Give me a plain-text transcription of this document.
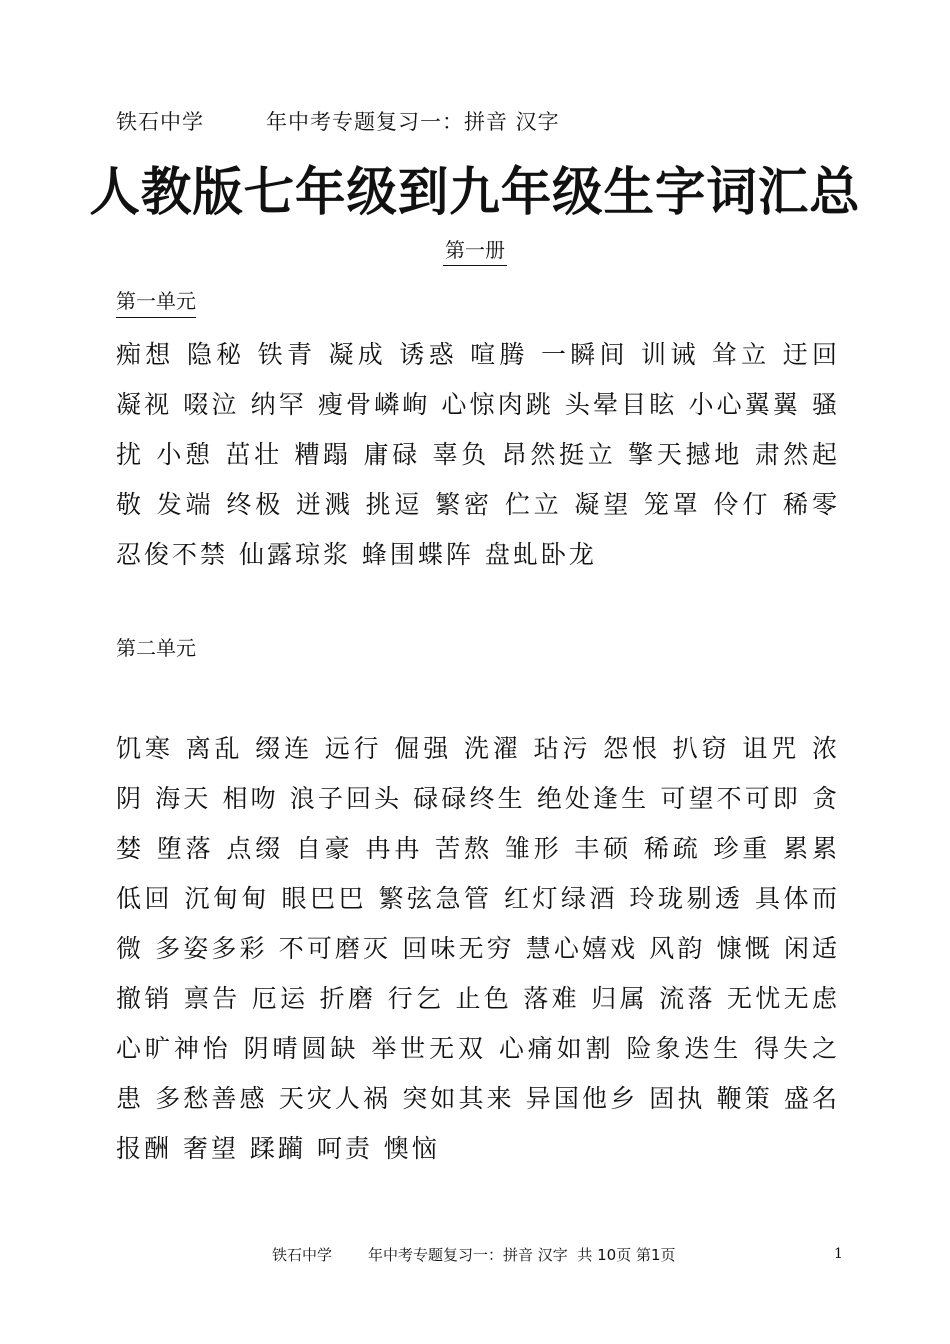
铁石中学	年中考专题复习一：拼音 汉字
人教版七年级到九年级生字词汇总
第一册
第一单元
痴想 隐秘 铁青 凝成 诱惑 喧腾 一瞬间 训诫 耸立 迂回 凝视 啜泣 纳罕 瘦骨嶙峋 心惊肉跳 头晕目眩 小心翼翼 骚扰 小憩 茁壮 糟蹋 庸碌 辜负 昂然挺立 擎天撼地 肃然起敬 发端 终极 迸溅 挑逗 繁密 伫立 凝望 笼罩 伶仃 稀零 忍俊不禁 仙露琼浆 蜂围蝶阵 盘虬卧龙
第二单元
饥寒 离乱 缀连 远行 倔强 洗濯 玷污 怨恨 扒窃 诅咒 浓阴 海天 相吻 浪子回头 碌碌终生 绝处逢生 可望不可即 贪婪 堕落 点缀 自豪 冉冉 苦熬 雏形 丰硕 稀疏 珍重 累累 低回 沉甸甸 眼巴巴 繁弦急管 红灯绿酒 玲珑剔透 具体而微 多姿多彩 不可磨灭 回味无穷 慧心嬉戏 风韵 慷慨 闲适 撤销 禀告 厄运 折磨 行乞 止色 落难 归属 流落 无忧无虑 心旷神怡 阴晴圆缺 举世无双 心痛如割 险象迭生 得失之患 多愁善感 天灾人祸 突如其来 异国他乡 固执 鞭策 盛名 报酬 奢望 蹂躏 呵责 懊恼
铁石中学 年中考专题复习一：拼音 汉字 共 10页 第1页	1
